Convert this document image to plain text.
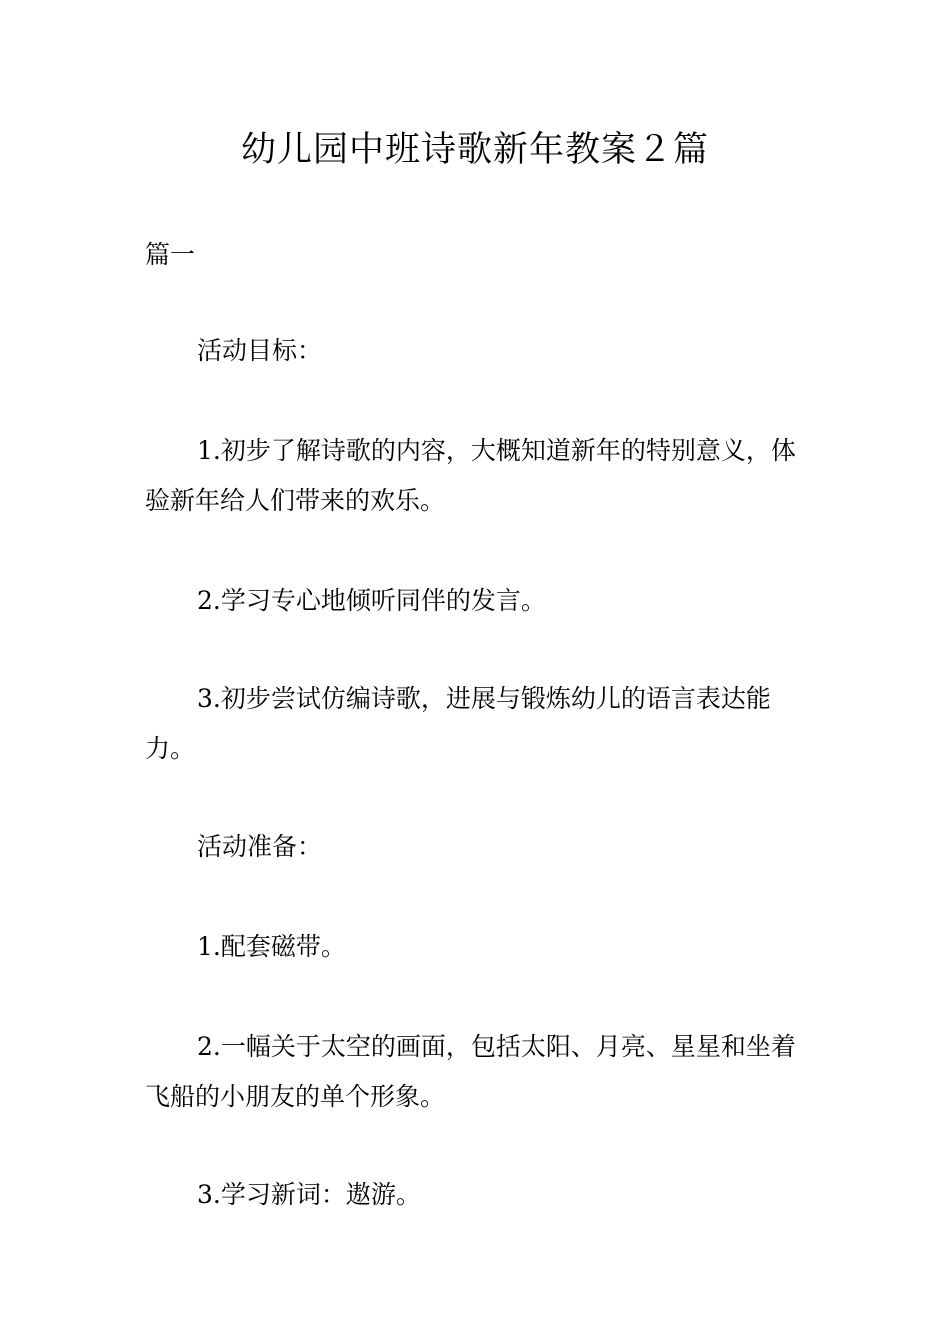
幼儿园中班诗歌新年教案２篇
篇一
活动目标：
1.初步了解诗歌的内容，大概知道新年的特别意义，体验新年给人们带来的欢乐。
2.学习专心地倾听同伴的发言。
3.初步尝试仿编诗歌，进展与锻炼幼儿的语言表达能力。
活动准备：
1.配套磁带。
2.一幅关于太空的画面，包括太阳、月亮、星星和坐着飞船的小朋友的单个形象。
3.学习新词：遨游。
